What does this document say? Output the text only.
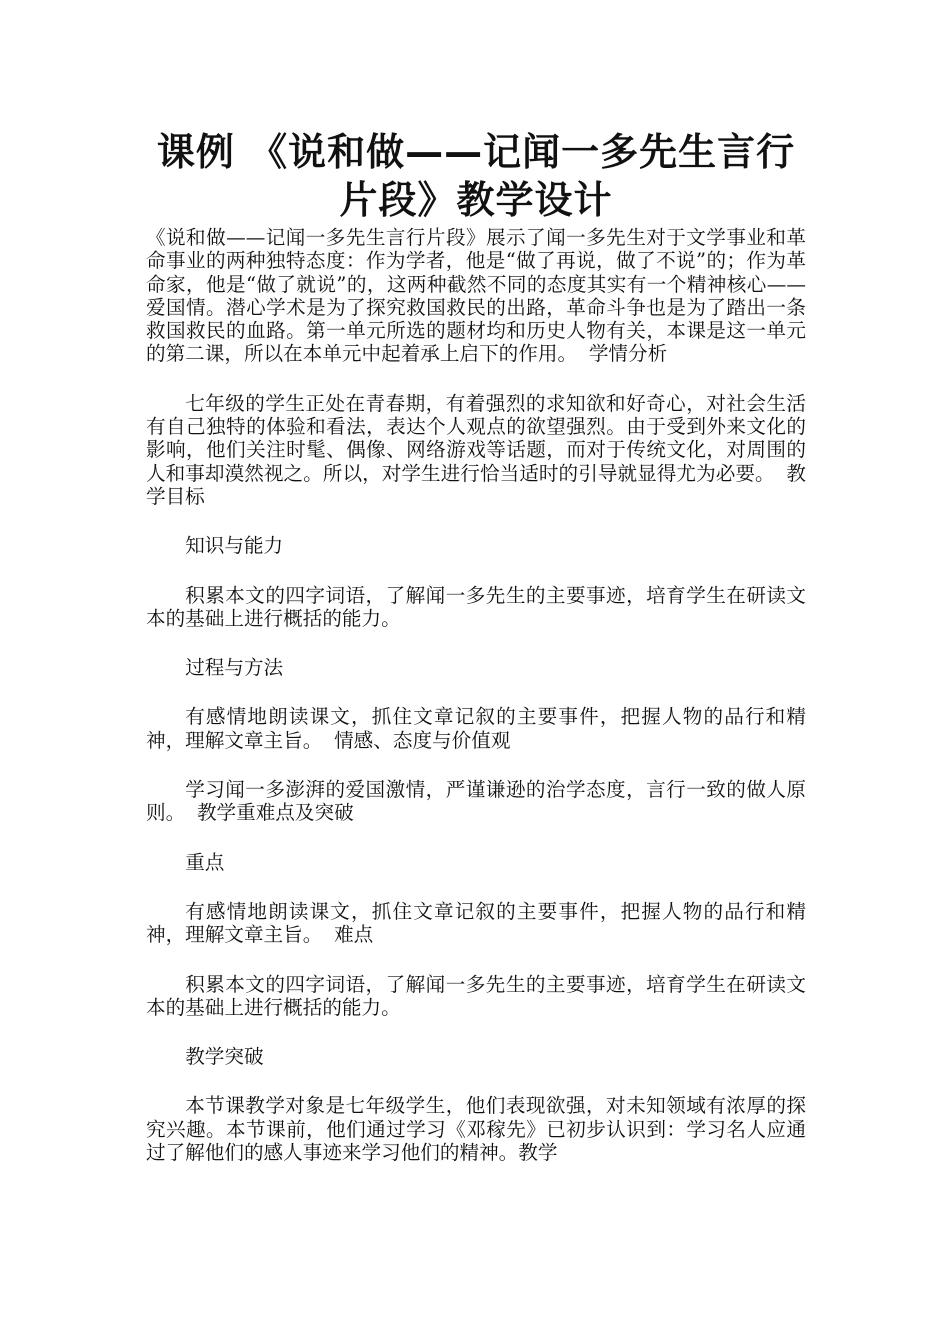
课例 《说和做——记闻一多先生言行片段》教学设计

《说和做——记闻一多先生言行片段》展示了闻一多先生对于文学事业和革命事业的两种独特态度：作为学者，他是“做了再说，做了不说”的；作为革命家，他是“做了就说”的，这两种截然不同的态度其实有一个精神核心——爱国情。潜心学术是为了探究救国救民的出路，革命斗争也是为了踏出一条救国救民的血路。第一单元所选的题材均和历史人物有关，本课是这一单元的第二课，所以在本单元中起着承上启下的作用。 学情分析

七年级的学生正处在青春期，有着强烈的求知欲和好奇心，对社会生活有自己独特的体验和看法，表达个人观点的欲望强烈。由于受到外来文化的影响，他们关注时髦、偶像、网络游戏等话题，而对于传统文化，对周围的人和事却漠然视之。所以，对学生进行恰当适时的引导就显得尤为必要。 教学目标

知识与能力

积累本文的四字词语，了解闻一多先生的主要事迹，培育学生在研读文本的基础上进行概括的能力。

过程与方法

有感情地朗读课文，抓住文章记叙的主要事件，把握人物的品行和精神，理解文章主旨。 情感、态度与价值观

学习闻一多澎湃的爱国激情，严谨谦逊的治学态度，言行一致的做人原则。 教学重难点及突破

重点

有感情地朗读课文，抓住文章记叙的主要事件，把握人物的品行和精神，理解文章主旨。 难点

积累本文的四字词语，了解闻一多先生的主要事迹，培育学生在研读文本的基础上进行概括的能力。

教学突破

本节课教学对象是七年级学生，他们表现欲强，对未知领域有浓厚的探究兴趣。本节课前，他们通过学习《邓稼先》已初步认识到：学习名人应通过了解他们的感人事迹来学习他们的精神。教学
